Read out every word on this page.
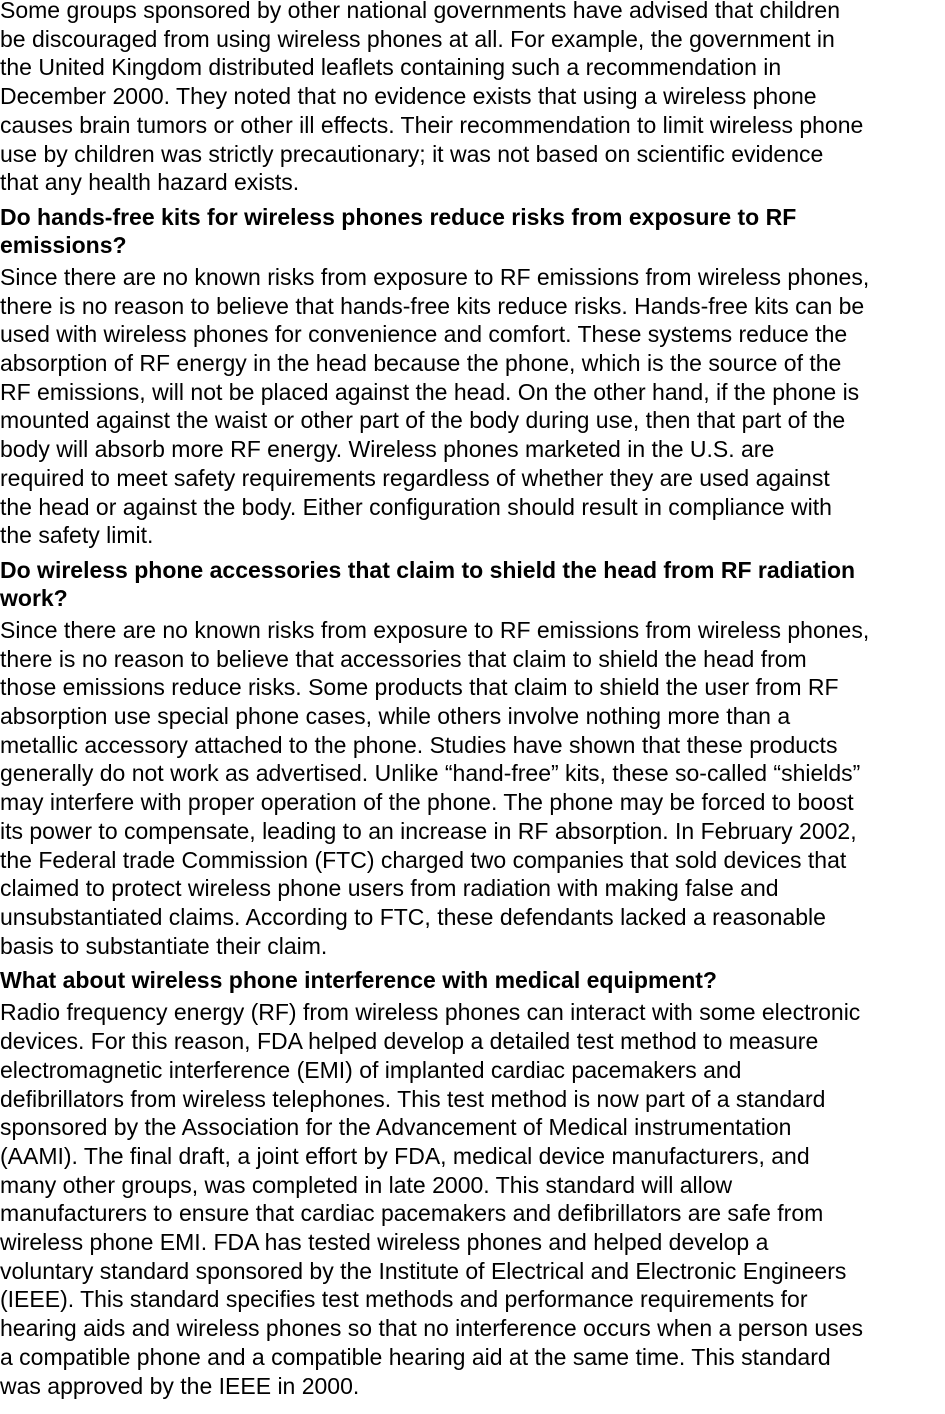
Some groups sponsored by other national governments have advised that children
be discouraged from using wireless phones at all. For example, the government in
the United Kingdom distributed leaflets containing such a recommendation in
December 2000. They noted that no evidence exists that using a wireless phone
causes brain tumors or other ill effects. Their recommendation to limit wireless phone
use by children was strictly precautionary; it was not based on scientific evidence
that any health hazard exists.
Do hands-free kits for wireless phones reduce risks from exposure to RF
emissions?
Since there are no known risks from exposure to RF emissions from wireless phones,
there is no reason to believe that hands-free kits reduce risks. Hands-free kits can be
used with wireless phones for convenience and comfort. These systems reduce the
absorption of RF energy in the head because the phone, which is the source of the
RF emissions, will not be placed against the head. On the other hand, if the phone is
mounted against the waist or other part of the body during use, then that part of the
body will absorb more RF energy. Wireless phones marketed in the U.S. are
required to meet safety requirements regardless of whether they are used against
the head or against the body. Either configuration should result in compliance with
the safety limit.
Do wireless phone accessories that claim to shield the head from RF radiation
work?
Since there are no known risks from exposure to RF emissions from wireless phones,
there is no reason to believe that accessories that claim to shield the head from
those emissions reduce risks. Some products that claim to shield the user from RF
absorption use special phone cases, while others involve nothing more than a
metallic accessory attached to the phone. Studies have shown that these products
generally do not work as advertised. Unlike “hand-free” kits, these so-called “shields”
may interfere with proper operation of the phone. The phone may be forced to boost
its power to compensate, leading to an increase in RF absorption. In February 2002,
the Federal trade Commission (FTC) charged two companies that sold devices that
claimed to protect wireless phone users from radiation with making false and
unsubstantiated claims. According to FTC, these defendants lacked a reasonable
basis to substantiate their claim.
What about wireless phone interference with medical equipment?
Radio frequency energy (RF) from wireless phones can interact with some electronic
devices. For this reason, FDA helped develop a detailed test method to measure
electromagnetic interference (EMI) of implanted cardiac pacemakers and
defibrillators from wireless telephones. This test method is now part of a standard
sponsored by the Association for the Advancement of Medical instrumentation
(AAMI). The final draft, a joint effort by FDA, medical device manufacturers, and
many other groups, was completed in late 2000. This standard will allow
manufacturers to ensure that cardiac pacemakers and defibrillators are safe from
wireless phone EMI. FDA has tested wireless phones and helped develop a
voluntary standard sponsored by the Institute of Electrical and Electronic Engineers
(IEEE). This standard specifies test methods and performance requirements for
hearing aids and wireless phones so that no interference occurs when a person uses
a compatible phone and a compatible hearing aid at the same time. This standard
was approved by the IEEE in 2000.
